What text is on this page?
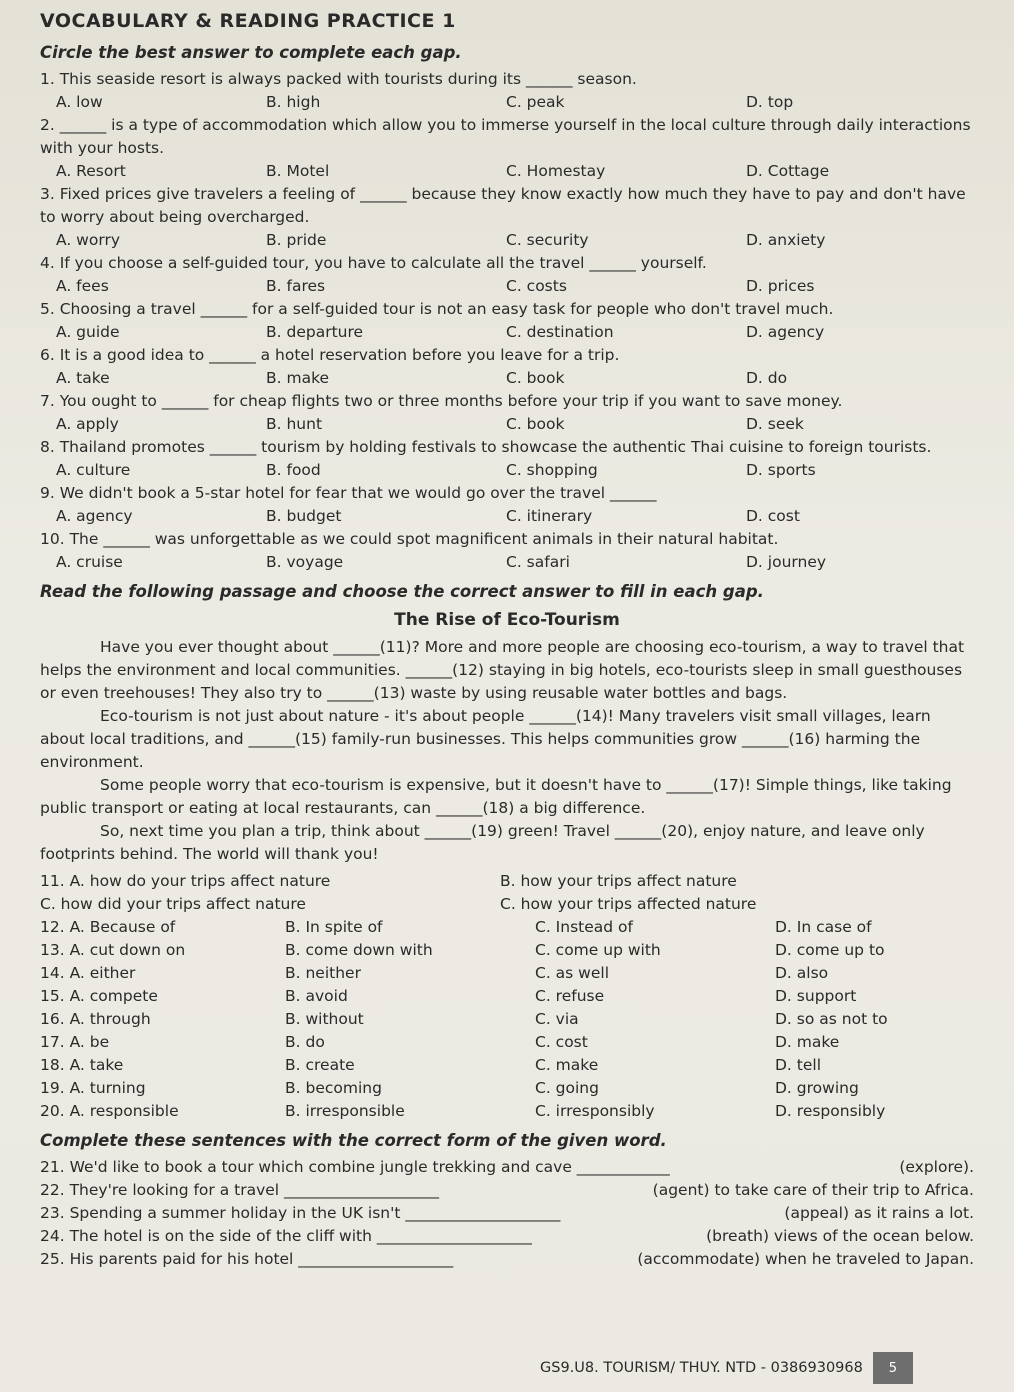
VOCABULARY & READING PRACTICE 1
Circle the best answer to complete each gap.
1. This seaside resort is always packed with tourists during its ______ season.
A. low	B. high	C. peak	D. top
2. ______ is a type of accommodation which allow you to immerse yourself in the local culture through daily interactions with your hosts.
A. Resort	B. Motel	C. Homestay	D. Cottage
3. Fixed prices give travelers a feeling of ______ because they know exactly how much they have to pay and don't have to worry about being overcharged.
A. worry	B. pride	C. security	D. anxiety
4. If you choose a self-guided tour, you have to calculate all the travel ______ yourself.
A. fees	B. fares	C. costs	D. prices
5. Choosing a travel ______ for a self-guided tour is not an easy task for people who don't travel much.
A. guide	B. departure	C. destination	D. agency
6. It is a good idea to ______ a hotel reservation before you leave for a trip.
A. take	B. make	C. book	D. do
7. You ought to ______ for cheap flights two or three months before your trip if you want to save money.
A. apply	B. hunt	C. book	D. seek
8. Thailand promotes ______ tourism by holding festivals to showcase the authentic Thai cuisine to foreign tourists.
A. culture	B. food	C. shopping	D. sports
9. We didn't book a 5-star hotel for fear that we would go over the travel ______
A. agency	B. budget	C. itinerary	D. cost
10. The ______ was unforgettable as we could spot magnificent animals in their natural habitat.
A. cruise	B. voyage	C. safari	D. journey
Read the following passage and choose the correct answer to fill in each gap.
The Rise of Eco-Tourism

Have you ever thought about ______(11)? More and more people are choosing eco-tourism, a way to travel that helps the environment and local communities. ______(12) staying in big hotels, eco-tourists sleep in small guesthouses or even treehouses! They also try to ______(13) waste by using reusable water bottles and bags.

Eco-tourism is not just about nature - it's about people ______(14)! Many travelers visit small villages, learn about local traditions, and ______(15) family-run businesses. This helps communities grow ______(16) harming the environment.

Some people worry that eco-tourism is expensive, but it doesn't have to ______(17)! Simple things, like taking public transport or eating at local restaurants, can ______(18) a big difference.

So, next time you plan a trip, think about ______(19) green! Travel ______(20), enjoy nature, and leave only footprints behind. The world will thank you!

11. A. how do your trips affect nature	B. how your trips affect nature
C. how did your trips affect nature	C. how your trips affected nature
12. A. Because of	B. In spite of	C. Instead of	D. In case of
13. A. cut down on	B. come down with	C. come up with	D. come up to
14. A. either	B. neither	C. as well	D. also
15. A. compete	B. avoid	C. refuse	D. support
16. A. through	B. without	C. via	D. so as not to
17. A. be	B. do	C. cost	D. make
18. A. take	B. create	C. make	D. tell
19. A. turning	B. becoming	C. going	D. growing
20. A. responsible	B. irresponsible	C. irresponsibly	D. responsibly
Complete these sentences with the correct form of the given word.
21. We'd like to book a tour which combine jungle trekking and cave ____________	(explore).
22. They're looking for a travel ____________________	(agent) to take care of their trip to Africa.
23. Spending a summer holiday in the UK isn't ____________________	(appeal) as it rains a lot.
24. The hotel is on the side of the cliff with ____________________	(breath) views of the ocean below.
25. His parents paid for his hotel ____________________	(accommodate) when he traveled to Japan.
GS9.U8. TOURISM/ THUY. NTD - 0386930968	5
